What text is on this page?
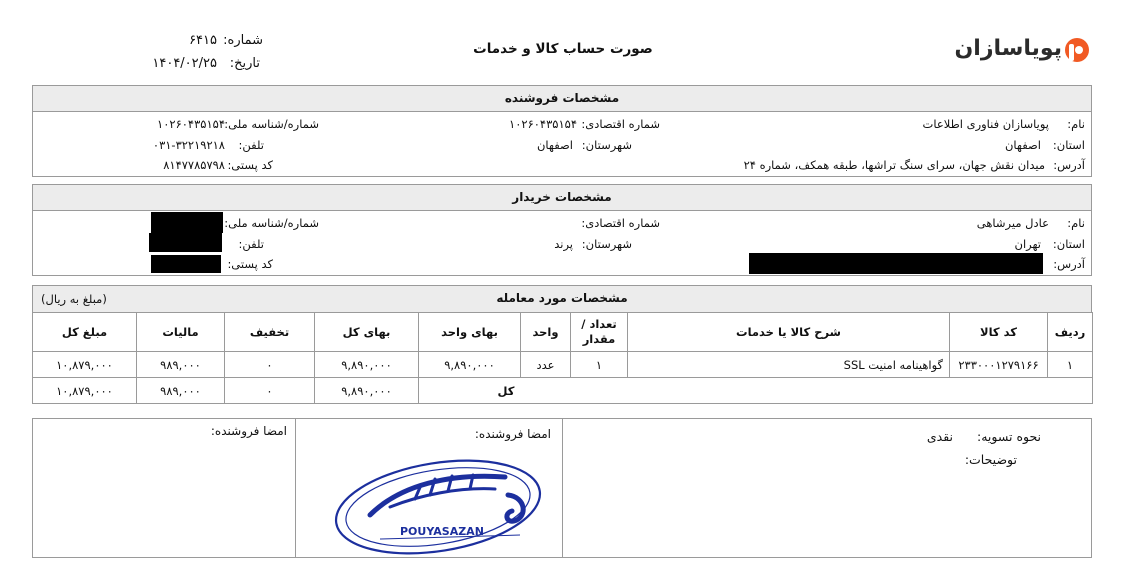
پویاسازان
صورت حساب کالا و خدمات
شماره:
۶۴۱۵
تاریخ:
۱۴۰۴/۰۲/۲۵
مشخصات فروشنده
نام:
پویاسازان فناوری اطلاعات
شماره اقتصادی:
۱۰۲۶۰۴۳۵۱۵۴
شماره/شناسه ملی:
۱۰۲۶۰۴۳۵۱۵۴
استان:
اصفهان
شهرستان:
اصفهان
تلفن:
۰۳۱-۳۲۲۱۹۲۱۸
آدرس:
میدان نقش جهان، سرای سنگ تراشها، طبقه همکف، شماره ۲۴
کد پستی:
۸۱۴۷۷۸۵۷۹۸
مشخصات خریدار
نام:
عادل میرشاهی
شماره اقتصادی:
شماره/شناسه ملی:
استان:
تهران
شهرستان:
پرند
تلفن:
آدرس:
کد پستی:
مشخصات مورد معامله
(مبلغ به ریال)
ردیف	کد کالا	شرح کالا یا خدمات	تعداد / مقدار	واحد	بهای واحد	بهای کل	تخفیف	مالیات	مبلغ کل
۱	۲۳۳۰۰۰۱۲۷۹۱۶۶	گواهینامه امنیت SSL	۱	عدد	۹,۸۹۰,۰۰۰	۹,۸۹۰,۰۰۰	۰	۹۸۹,۰۰۰	۱۰,۸۷۹,۰۰۰
					کل	۹,۸۹۰,۰۰۰	۰	۹۸۹,۰۰۰	۱۰,۸۷۹,۰۰۰
نحوه تسویه:
نقدی
توضیحات:
امضا فروشنده:
امضا فروشنده:
POUYASAZAN
